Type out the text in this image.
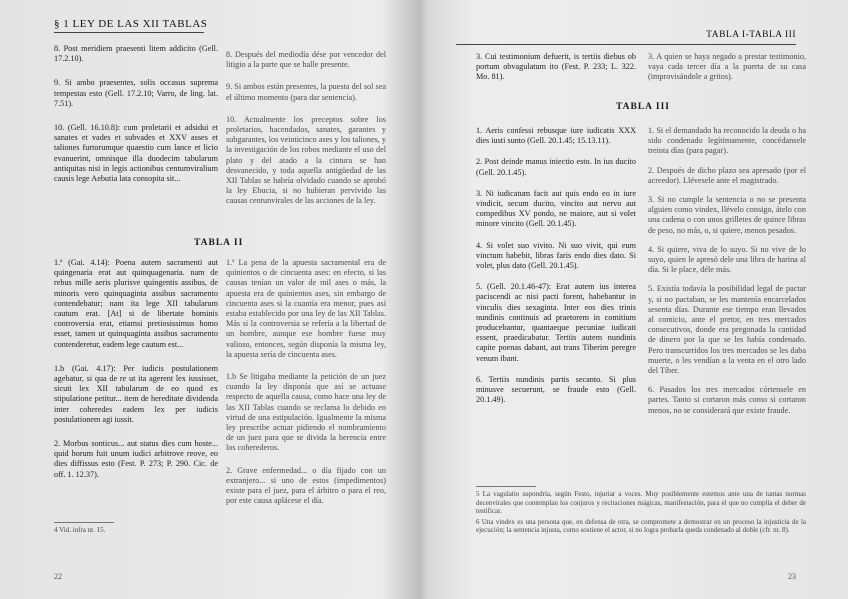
§ 1 LEY DE LAS XII TABLAS

8. Post meridiem praesenti litem addicito (Gell. 17.2.10).

9. Si ambo praesentes, solis occasus suprema tempestas esto (Gell. 17.2.10; Varro, de ling. lat. 7.51).

10. (Gell. 16.10.8): cum proletarii et adsidui et sanates et vades et subvades et XXV asses et taliones furtorumque quaestio cum lance et licio evanuerint, omnisque illa duodecim tabularum antiquitas nisi in legis actionibus centumviralium causis lege Aebutia lata consopita sit...

8. Después del mediodía dése por vencedor del litigio a la parte que se halle presente.

9. Si ambos están presentes, la puesta del sol sea el último momento (para dar sentencia).

10. Actualmente los preceptos sobre los proletarios, hacendados, sanates, garantes y subgarantes, los veinticinco ases y los taliones, y la investigación de los robos mediante el uso del plato y del atado a la cintura se han desvanecido, y toda aquella antigüedad de las XII Tablas se habría olvidado cuando se aprobó la ley Ebucia, si no hubieran pervivido las causas centunvirales de las acciones de la ley.

TABLA II

1.ª (Gai. 4.14): Poena autem sacramenti aut quingenaria erat aut quinquagenaria. nam de rebus mille aeris plurisve quingentis assibus, de minoris vero quinquaginta assibus sacramento contendebatur; nam ita lege XII tabularum cautum erat. [At] si de libertate hominis controversia erat, etiamsi pretiosissimus homo esset, tamen ut quinquaginta assibus sacramento contenderetur, eadem lege cautum est...

1.b (Gai. 4.17): Per iudicis postulationem agebatur, si qua de re ut ita agerent lex iussisset, sicuti lex XII tabularum de eo quod ex stipulatione petitur... item de hereditate dividenda inter coheredes eadem lex per iudicis postulationem agi iussit.

2. Morbus sonticus... aut status dies cum hoste... quid horum fuit unum iudici arbitrove reove, eo dies diffissus esto (Fest. P. 273; P. 290. Cic. de off. 1. 12.37).

1.ª La pena de la apuesta sacramental era de quinientos o de cincuenta ases: en efecto, si las causas tenían un valor de mil ases o más, la apuesta era de quinientos ases, sin embargo de cincuenta ases si la cuantía era menor, pues así estaba establecido por una ley de las XII Tablas. Más si la controversia se refería a la libertad de un hombre, aunque ese hombre fuese muy valioso, entonces, según disponía la misma ley, la apuesta sería de cincuenta ases.

1.b Se litigaba mediante la petición de un juez cuando la ley disponía que así se actuase respecto de aquella causa, como hace una ley de las XII Tablas cuando se reclama lo debido en virtud de una estipulación. Igualmente la misma ley prescribe actuar pidiendo el nombramiento de un juez para que se divida la herencia entre los coherederos.

2. Grave enfermedad... o día fijado con un extranjero... si uno de estos (impedimentos) existe para el juez, para el árbitro o para el reo, por este causa aplácese el día.

4 Vid. infra nt. 15.
22
TABLA I-TABLA III

3. Cui testimonium defuerit, is tertiis diebus ob portum obvagulatum ito (Fest. P. 233; L. 322. Mo. 81).

3. A quien se haya negado a prestar testimonio, vaya cada tercer día a la puerta de su casa (improvisándole a gritos).

TABLA III

1. Aeris confessi rebusque iure iudicatis XXX dies iusti sunto (Gell. 20.1.45; 15.13.11).

2. Post deinde manus iniectio esto. In ius ducito (Gell. 20.1.45).

3. Ni iudicatum facit aut quis endo eo in iure vindicit, secum ducito, vincito aut nervo aut compedibus XV pondo, ne maiore, aut si volet minore vincito (Gell. 20.1.45).

4. Si volet suo vivito. Ni suo vivit, qui eum vinctum habebit, libras faris endo dies dato. Si volet, plus dato (Gell. 20.1.45).

5. (Gell. 20.1.46-47): Erat autem ius interea paciscendi ac nisi pacti forent, habebantur in vinculis dies sexaginta. Inter eos dies trinis nundinis continuis ad praetorem in comitium producebantur, quantaeque pecuniae iudicati essent, praedicabatur. Tertiis autem nundinis capite poenas dabant, aut trans Tiberim peregre venum ibant.

6. Tertiis nundinis partis secanto. Si plus minusve secuerunt, se fraude esto (Gell. 20.1.49).

1. Si el demandado ha reconocido la deuda o ha sido condenado legítimamente, concédansele treinta días (para pagar).

2. Después de dicho plazo sea apresado (por el acreedor). Llévesele ante el magistrado.

3. Si no cumple la sentencia o no se presenta alguien como vindex, llévelo consigo, átelo con una cadena o con unos grilletes de quince libras de peso, no más, o, si quiere, menos pesados.

4. Si quiere, viva de lo suyo. Si no vive de lo suyo, quien le apresó dele una libra de harina al día. Si le place, déle más.

5. Existía todavía la posibilidad legal de pactar y, si no pactaban, se les mantenía encarcelados sesenta días. Durante ese tiempo eran llevados al comicio, ante el pretor, en tres mercados consecutivos, donde era pregonada la cantidad de dinero por la que se les había condenado. Pero transcurridos los tres mercados se les daba muerte, o les vendían a la venta en el otro lado del Tíber.

6. Pasados los tres mercados córtensele en partes. Tanto si cortaron más como si cortaron menos, no se considerará que existe fraude.

5 La vagulatio supondría, según Festo, injuriar a voces. Muy posiblemente estemos ante una de tantas normas decenvirales que contemplan los conjuros y recitaciones mágicas, manifestación, para el que no cumplía el deber de testificar.

6 Una vindex es una persona que, en defensa de otra, se compromete a demostrar en un proceso la injusticia de la ejecución; la sentencia injusta, como sostiene el actor, si no logra probarla queda condenado al doble (cfr. nt. 8).

23
